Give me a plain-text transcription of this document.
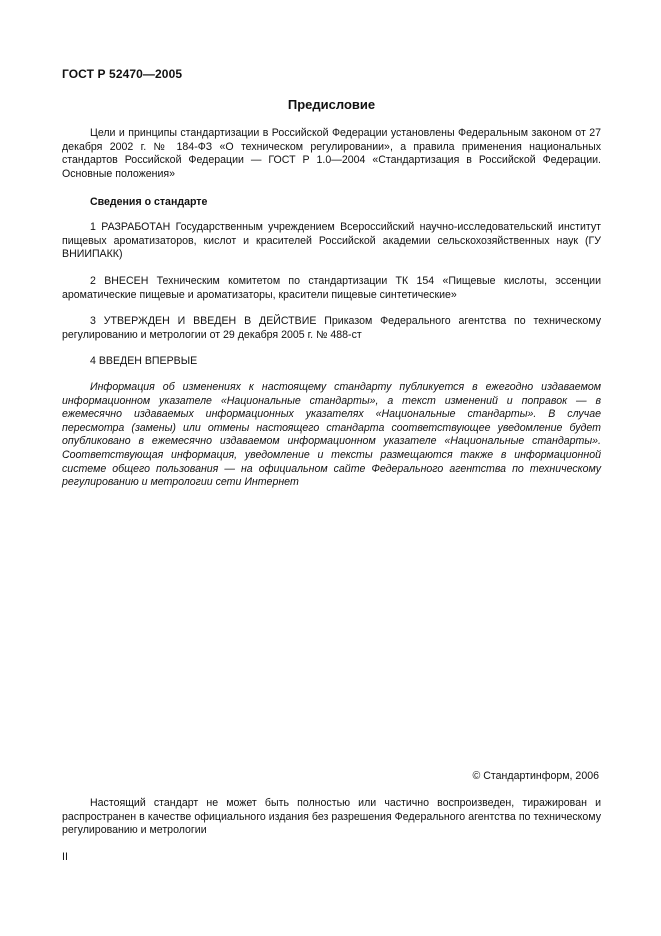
ГОСТ Р 52470—2005
Предисловие

Цели и принципы стандартизации в Российской Федерации установлены Федеральным законом от 27 декабря 2002 г. № 184-ФЗ «О техническом регулировании», а правила применения национальных стандартов Российской Федерации — ГОСТ Р 1.0—2004 «Стандартизация в Российской Федерации. Основные положения»

Сведения о стандарте

1 РАЗРАБОТАН Государственным учреждением Всероссийский научно-исследовательский институт пищевых ароматизаторов, кислот и красителей Российской академии сельскохозяйственных наук (ГУ ВНИИПАКК)

2 ВНЕСЕН Техническим комитетом по стандартизации ТК 154 «Пищевые кислоты, эссенции ароматические пищевые и ароматизаторы, красители пищевые синтетические»

3 УТВЕРЖДЕН И ВВЕДЕН В ДЕЙСТВИЕ Приказом Федерального агентства по техническому регулированию и метрологии от 29 декабря 2005 г. № 488-ст

4 ВВЕДЕН ВПЕРВЫЕ

Информация об изменениях к настоящему стандарту публикуется в ежегодно издаваемом информационном указателе «Национальные стандарты», а текст изменений и поправок — в ежемесячно издаваемых информационных указателях «Национальные стандарты». В случае пересмотра (замены) или отмены настоящего стандарта соответствующее уведомление будет опубликовано в ежемесячно издаваемом информационном указателе «Национальные стандарты». Соответствующая информация, уведомление и тексты размещаются также в информационной системе общего пользования — на официальном сайте Федерального агентства по техническому регулированию и метрологии сети Интернет

© Стандартинформ, 2006

Настоящий стандарт не может быть полностью или частично воспроизведен, тиражирован и распространен в качестве официального издания без разрешения Федерального агентства по техническому регулированию и метрологии

II
